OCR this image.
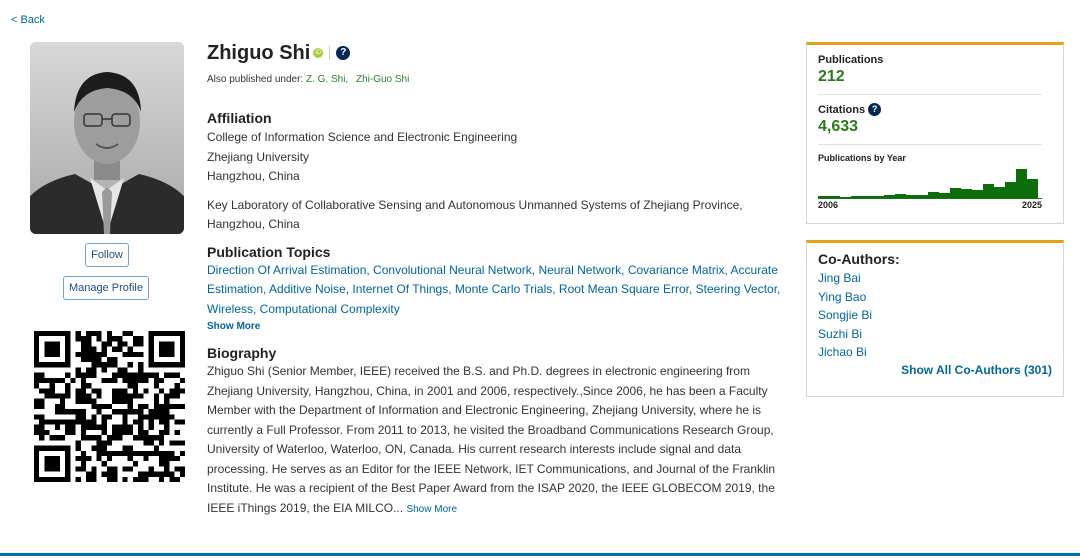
< Back
Follow
Manage Profile
Zhiguo Shi iD	?
Also published under: Z. G. Shi, Zhi-Guo Shi
Affiliation
College of Information Science and Electronic Engineering
Zhejiang University
Hangzhou, China
Key Laboratory of Collaborative Sensing and Autonomous Unmanned Systems of Zhejiang Province, Hangzhou, China
Publication Topics
Direction Of Arrival Estimation, Convolutional Neural Network, Neural Network, Covariance Matrix, Accurate Estimation, Additive Noise, Internet Of Things, Monte Carlo Trials, Root Mean Square Error, Steering Vector, Wireless, Computational Complexity
Show More
Biography
Zhiguo Shi (Senior Member, IEEE) received the B.S. and Ph.D. degrees in electronic engineering from Zhejiang University, Hangzhou, China, in 2001 and 2006, respectively.,Since 2006, he has been a Faculty Member with the Department of Information and Electronic Engineering, Zhejiang University, where he is currently a Full Professor. From 2011 to 2013, he visited the Broadband Communications Research Group, University of Waterloo, Waterloo, ON, Canada. His current research interests include signal and data processing. He serves as an Editor for the IEEE Network, IET Communications, and Journal of the Franklin Institute. He was a recipient of the Best Paper Award from the ISAP 2020, the IEEE GLOBECOM 2019, the IEEE iThings 2019, the EIA MILCO... Show More
Publications
212
Citations ?
4,633
Publications by Year
2006	2025
Co-Authors:
Jing Bai
Ying Bao
Songjie Bi
Suzhi Bi
Jichao Bi
Show All Co-Authors (301)
